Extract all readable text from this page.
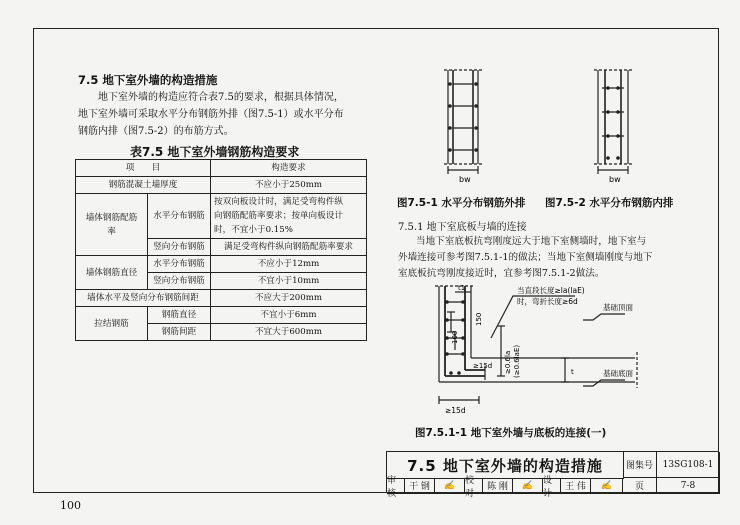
7.5 地下室外墙的构造措施
地下室外墙的构造应符合表7.5的要求，根据具体情况，
地下室外墙可采取水平分布钢筋外排（图7.5-1）或水平分布
钢筋内排（图7.5-2）的布筋方式。
表7.5 地下室外墙钢筋构造要求
项　　目		构造要求
钢筋混凝土墙厚度		不应小于250mm
墙体钢筋配筋率	水平分布钢筋	按双向板设计时，满足受弯构件纵
向钢筋配筋率要求；按单向板设计
时，不宜小于0.15%

	竖向分布钢筋	满足受弯构件纵向钢筋配筋率要求
墙体钢筋直径	水平分布钢筋	不应小于12mm
	竖向分布钢筋	不宜小于10mm
墙体水平及竖向分布钢筋间距		不应大于200mm
拉结钢筋	钢筋直径	不宜小于6mm
	钢筋间距	不宜大于600mm
bw	bw
图7.5-1 水平分布钢筋外排 图7.5-2 水平分布钢筋内排
7.5.1 地下室底板与墙的连接
当地下室底板抗弯刚度远大于地下室侧墙时，地下室与
外墙连接可参考图7.5.1-1的做法；当地下室侧墙刚度与地下
室底板抗弯刚度接近时，宜参考图7.5.1-2做法。
当直段长度≥la(laE)
时，弯折长度≥6d
t1
150
100
≥0.6la (≥0.6laE)
≥15d
t
≥15d
基础顶面
基础底面
图7.5.1-1 地下室外墙与底板的连接(一)
7.5 地下室外墙的构造措施	图集号	13SG108-1
审核
干 钢	✍	校对
陈 刚	✍	设计
王 伟	✍	页	7-8
100
